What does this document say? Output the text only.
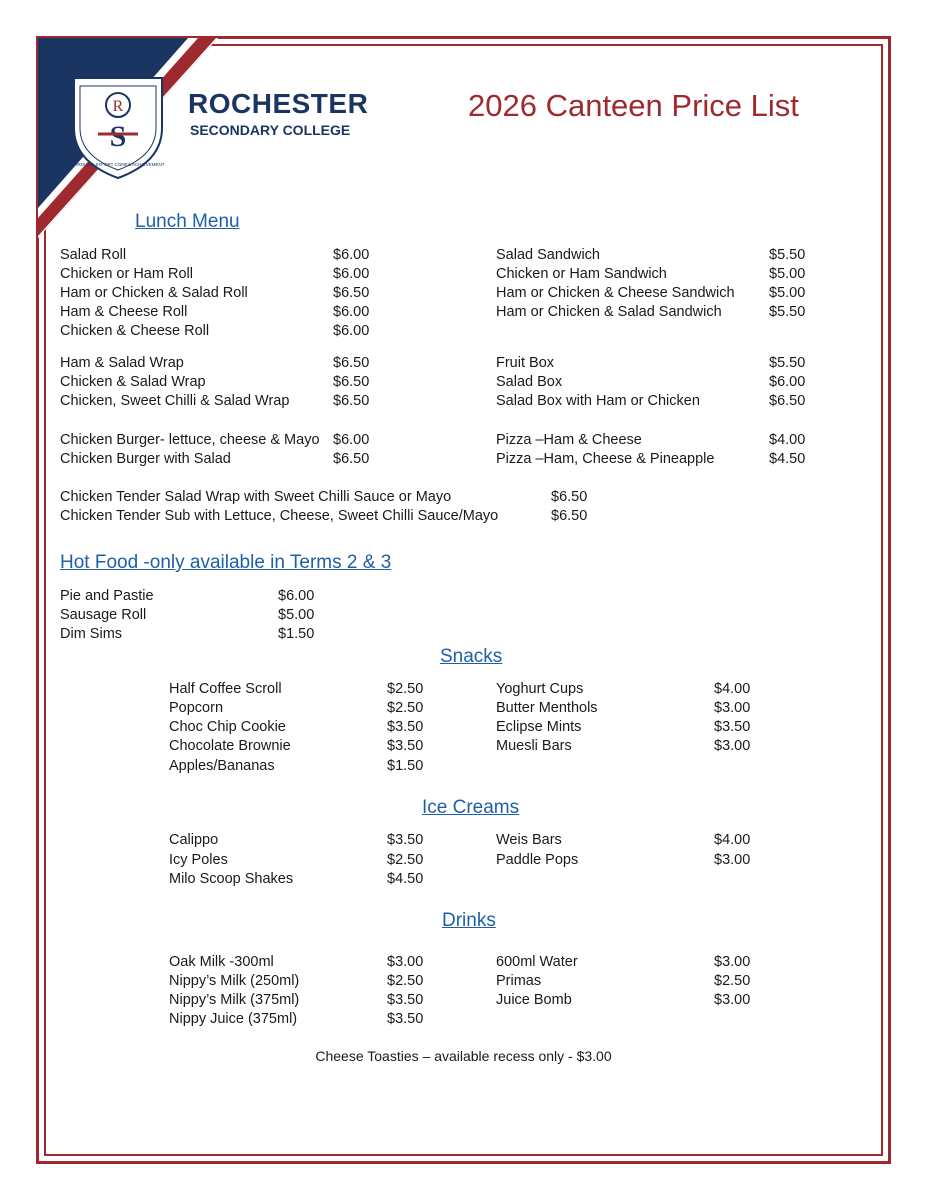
ROCHESTER
R
S
THROUGH EFFORT COMES ACHIEVEMENT
ROCHESTER
SECONDARY COLLEGE
2026 Canteen Price List
Lunch Menu
Salad Roll	$6.00
Chicken or Ham Roll	$6.00
Ham or Chicken & Salad Roll	$6.50
Ham & Cheese Roll	$6.00
Chicken & Cheese Roll	$6.00
Salad Sandwich	$5.50
Chicken or Ham Sandwich	$5.00
Ham or Chicken & Cheese Sandwich $5.00
Ham or Chicken & Salad Sandwich	$5.50
Ham & Salad Wrap	$6.50
Chicken & Salad Wrap	$6.50
Chicken, Sweet Chilli & Salad Wrap	$6.50
Fruit Box	$5.50
Salad Box	$6.00
Salad Box with Ham or Chicken	$6.50
Chicken Burger- lettuce, cheese & Mayo $6.00
Chicken Burger with Salad	$6.50
Pizza –Ham & Cheese	$4.00
Pizza –Ham, Cheese & Pineapple	$4.50
Chicken Tender Salad Wrap with Sweet Chilli Sauce or Mayo	$6.50
Chicken Tender Sub with Lettuce, Cheese, Sweet Chilli Sauce/Mayo	$6.50
Hot Food -only available in Terms 2 & 3
Pie and Pastie	$6.00
Sausage Roll	$5.00
Dim Sims	$1.50
Snacks
Half Coffee Scroll	$2.50
Popcorn	$2.50
Choc Chip Cookie	$3.50
Chocolate Brownie	$3.50
Apples/Bananas	$1.50
Yoghurt Cups	$4.00
Butter Menthols	$3.00
Eclipse Mints	$3.50
Muesli Bars	$3.00
Ice Creams
Calippo	$3.50
Icy Poles	$2.50
Milo Scoop Shakes	$4.50
Weis Bars	$4.00
Paddle Pops	$3.00
Drinks
Oak Milk -300ml	$3.00
Nippy’s Milk (250ml)	$2.50
Nippy’s Milk (375ml)	$3.50
Nippy Juice (375ml)	$3.50
600ml Water	$3.00
Primas	$2.50
Juice Bomb	$3.00
Cheese Toasties – available recess only - $3.00
